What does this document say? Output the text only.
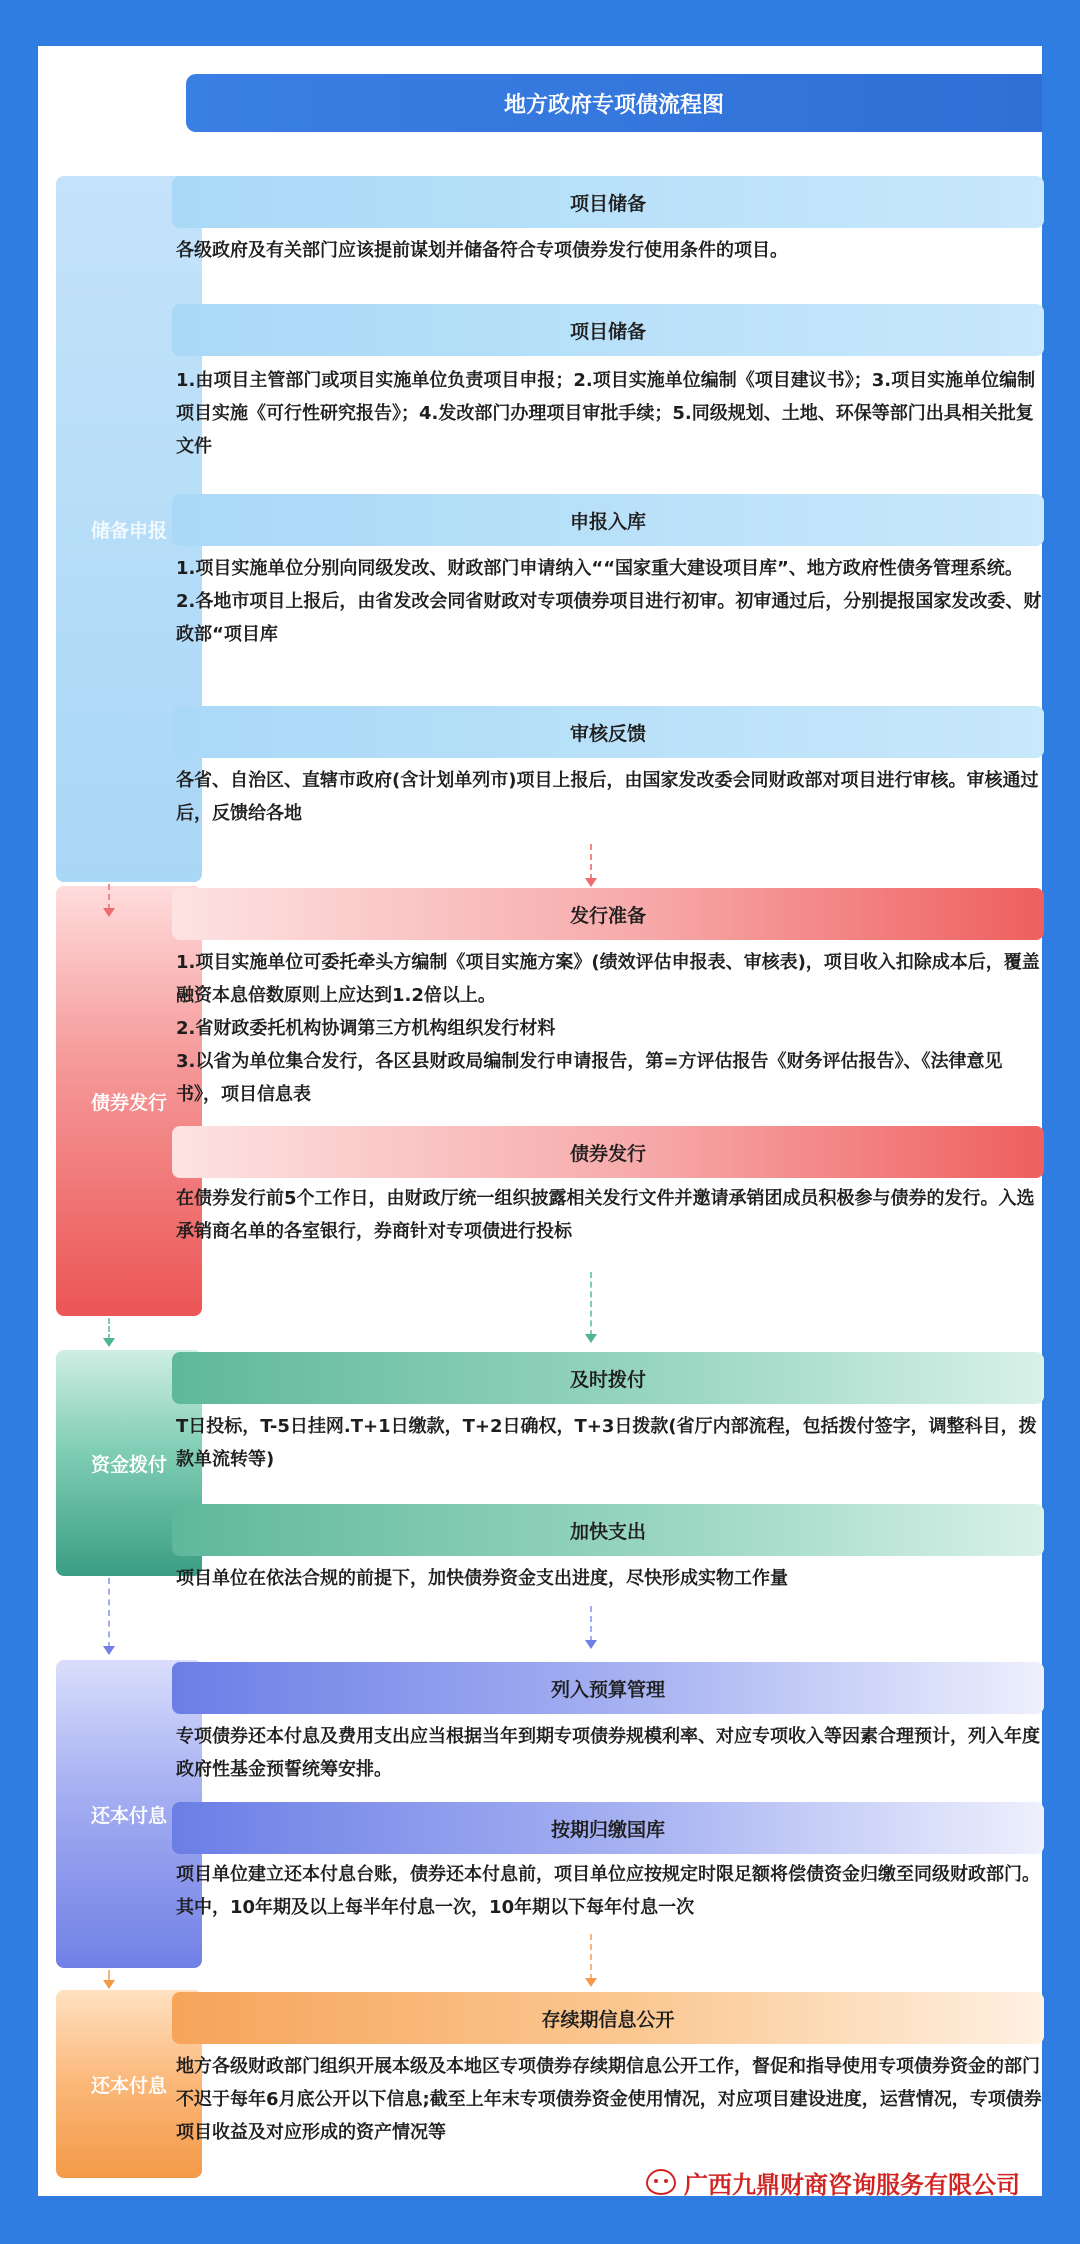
地方政府专项债流程图
储备申报
债券发行
资金拨付
还本付息
还本付息
项目储备

各级政府及有关部门应该提前谋划并储备符合专项债券发行使用条件的项目。

项目储备

1.由项目主管部门或项目实施单位负责项目申报；2.项目实施单位编制《项目建议书》；3.项目实施单位编制项目实施《可行性研究报告》；4.发改部门办理项目审批手续；5.同级规划、土地、环保等部门出具相关批复文件

申报入库

1.项目实施单位分别向同级发改、财政部门申请纳入““国家重大建设项目库”、地方政府性债务管理系统。

2.各地市项目上报后，由省发改会同省财政对专项债券项目进行初审。初审通过后，分别提报国家发改委、财政部“项目库

审核反馈

各省、自治区、直辖市政府(含计划单列市)项目上报后，由国家发改委会同财政部对项目进行审核。审核通过后，反馈给各地

发行准备

1.项目实施单位可委托牵头方编制《项目实施方案》(绩效评估申报表、审核表)，项目收入扣除成本后，覆盖融资本息倍数原则上应达到1.2倍以上。

2.省财政委托机构协调第三方机构组织发行材料

3.以省为单位集合发行，各区县财政局编制发行申请报告，第=方评估报告《财务评估报告》、《法律意见书》，项目信息表

债券发行

在债券发行前5个工作日，由财政厅统一组织披露相关发行文件并邀请承销团成员积极参与债券的发行。入选承销商名单的各室银行，券商针对专项债进行投标

及时拨付

T日投标，T-5日挂网.T+1日缴款，T+2日确权，T+3日拨款(省厅内部流程，包括拨付签字，调整科目，拨款单流转等)

加快支出

项目单位在依法合规的前提下，加快债券资金支出进度，尽快形成实物工作量

列入预算管理

专项债券还本付息及费用支出应当根据当年到期专项债券规模利率、对应专项收入等因素合理预计，列入年度政府性基金预誓统筹安排。

按期归缴国库

项目单位建立还本付息台账，债券还本付息前，项目单位应按规定时限足额将偿债资金归缴至同级财政部门。其中，10年期及以上每半年付息一次，10年期以下每年付息一次

存续期信息公开

地方各级财政部门组织开展本级及本地区专项债券存续期信息公开工作，督促和指导使用专项债券资金的部门不迟于每年6月底公开以下信息;截至上年末专项债券资金使用情况，对应项目建设进度，运营情况，专项债券项目收益及对应形成的资产情况等

广西九鼎财商咨询服务有限公司
